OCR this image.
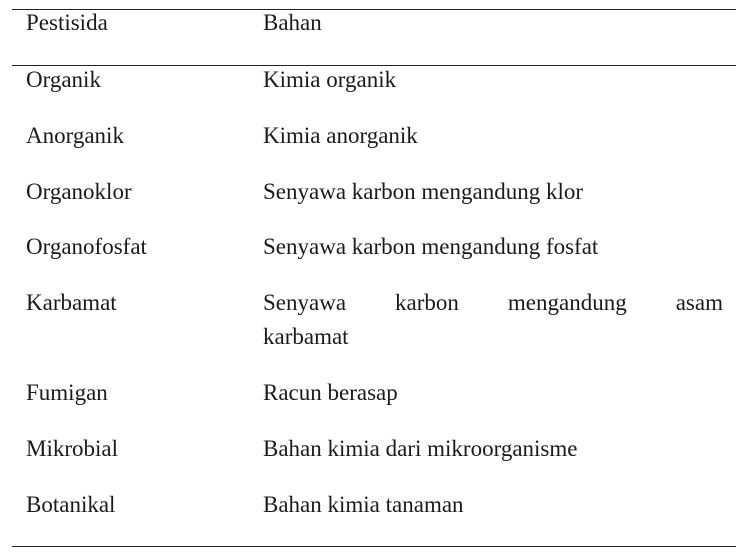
Pestisida	Bahan
Organik	Kimia organik
Anorganik	Kimia anorganik
Organoklor	Senyawa karbon mengandung klor
Organofosfat	Senyawa karbon mengandung fosfat
Karbamat	Senyawa karbon mengandung asam
karbamat
Fumigan	Racun berasap
Mikrobial	Bahan kimia dari mikroorganisme
Botanikal	Bahan kimia tanaman
